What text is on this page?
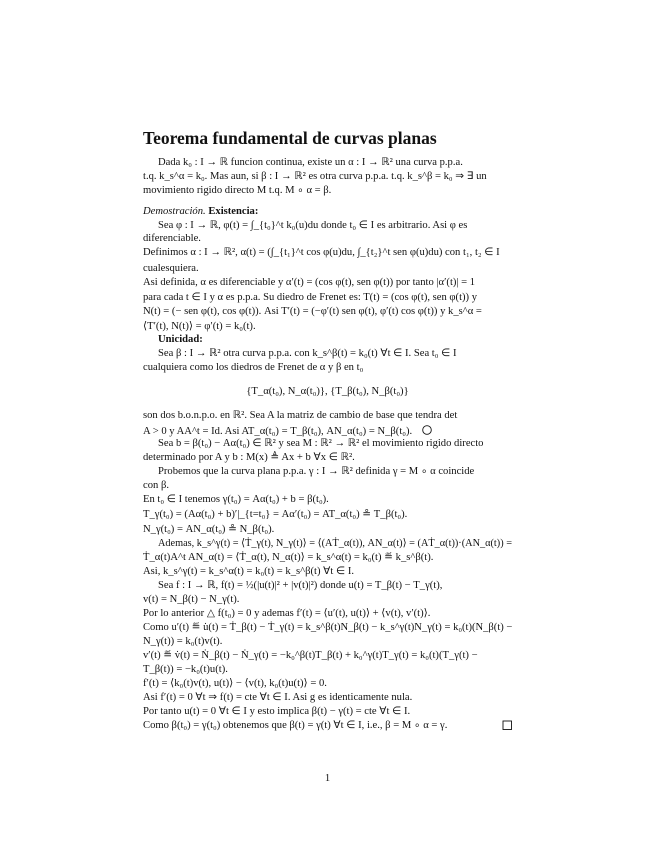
Teorema fundamental de curvas planas
Dada k₀ : I → ℝ funcion continua, existe un α : I → ℝ² una curva p.p.a.
t.q. k_s^α = k₀. Mas aun, si β : I → ℝ² es otra curva p.p.a. t.q. k_s^β = k₀ ⇒ ∃ un
movimiento rigido directo M t.q. M ∘ α = β.
Demostración. Existencia:
Sea φ : I → ℝ, φ(t) = ∫_{t₀}^t k₀(u)du donde t₀ ∈ I es arbitrario. Asi φ es
diferenciable.
Definimos α : I → ℝ², α(t) = (∫_{t₁}^t cos φ(u)du, ∫_{t₂}^t sen φ(u)du) con t₁, t₂ ∈ I
cualesquiera.
Asi definida, α es diferenciable y α′(t) = (cos φ(t), sen φ(t)) por tanto |α′(t)| = 1
para cada t ∈ I y α es p.p.a. Su diedro de Frenet es: T(t) = (cos φ(t), sen φ(t)) y
N(t) = (− sen φ(t), cos φ(t)). Asi T′(t) = (−φ′(t) sen φ(t), φ′(t) cos φ(t)) y k_s^α =
⟨T′(t), N(t)⟩ = φ′(t) = k₀(t).
Unicidad:
Sea β : I → ℝ² otra curva p.p.a. con k_s^β(t) = k₀(t) ∀t ∈ I. Sea t₀ ∈ I
cualquiera como los diedros de Frenet de α y β en t₀
{T_α(t₀), N_α(t₀)}, {T_β(t₀), N_β(t₀)}
son dos b.o.n.p.o. en ℝ². Sea A la matriz de cambio de base que tendra det
A > 0 y AA^t = Id. Asi AT_α(t₀) = T_β(t₀), AN_α(t₀) = N_β(t₀).
Sea b = β(t₀) − Aα(t₀) ∈ ℝ² y sea M : ℝ² → ℝ² el movimiento rigido directo
determinado por A y b : M(x) ≜ Ax + b ∀x ∈ ℝ².
Probemos que la curva plana p.p.a. γ : I → ℝ² definida γ = M ∘ α coincide
con β.
En t₀ ∈ I tenemos γ(t₀) = Aα(t₀) + b = β(t₀).
T_γ(t₀) = (Aα(t₀) + b)′|_{t=t₀} = Aα′(t₀) = AT_α(t₀) ≗ T_β(t₀).
N_γ(t₀) = AN_α(t₀) ≗ N_β(t₀).
Ademas, k_s^γ(t) = ⟨Ṫ_γ(t), N_γ(t)⟩ = ⟨(AṪ_α(t)), AN_α(t)⟩ = (AṪ_α(t))·(AN_α(t)) =
Ṫ_α(t)A^t AN_α(t) = ⟨Ṫ_α(t), N_α(t)⟩ = k_s^α(t) = k₀(t) ≝ k_s^β(t).
Asi, k_s^γ(t) = k_s^α(t) = k₀(t) = k_s^β(t) ∀t ∈ I.
Sea f : I → ℝ, f(t) = ½(|u(t)|² + |v(t)|²) donde u(t) = T_β(t) − T_γ(t),
v(t) = N_β(t) − N_γ(t).
Por lo anterior △ f(t₀) = 0 y ademas f′(t) = ⟨u′(t), u(t)⟩ + ⟨v(t), v′(t)⟩.
Como u′(t) ≝ u̇(t) = Ṫ_β(t) − Ṫ_γ(t) = k_s^β(t)N_β(t) − k_s^γ(t)N_γ(t) = k₀(t)(N_β(t) −
N_γ(t)) = k₀(t)v(t).
v′(t) ≝ v̇(t) = Ṅ_β(t) − Ṅ_γ(t) = −k₀^β(t)T_β(t) + k₀^γ(t)T_γ(t) = k₀(t)(T_γ(t) −
T_β(t)) = −k₀(t)u(t).
f′(t) = ⟨k₀(t)v(t), u(t)⟩ − ⟨v(t), k₀(t)u(t)⟩ = 0.
Asi f′(t) = 0 ∀t ⇒ f(t) = cte ∀t ∈ I. Asi g es identicamente nula.
Por tanto u(t) = 0 ∀t ∈ I y esto implica β(t) − γ(t) = cte ∀t ∈ I.
Como β(t₀) = γ(t₀) obtenemos que β(t) = γ(t) ∀t ∈ I, i.e., β = M ∘ α = γ.
1
